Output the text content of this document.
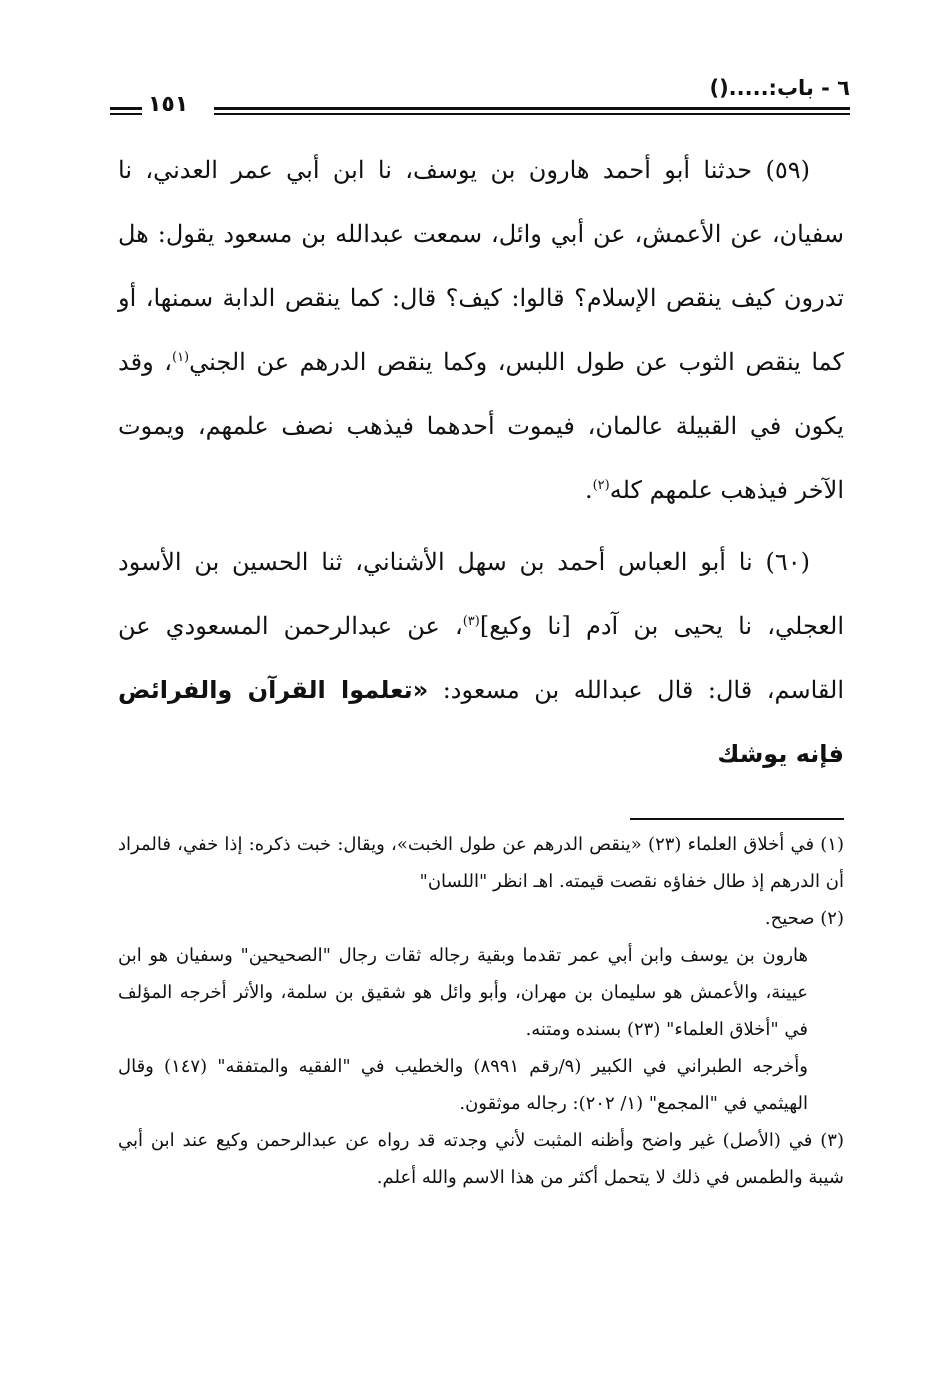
٦ - باب:.....()
١٥١

(٥٩) حدثنا أبو أحمد هارون بن يوسف، نا ابن أبي عمر العدني، نا سفيان، عن الأعمش، عن أبي وائل، سمعت عبدالله بن مسعود يقول: هل تدرون كيف ينقص الإسلام؟ قالوا: كيف؟ قال: كما ينقص الدابة سمنها، أو كما ينقص الثوب عن طول اللبس، وكما ينقص الدرهم عن الجني$^{(١)}$، وقد يكون في القبيلة عالمان، فيموت أحدهما فيذهب نصف علمهم، ويموت الآخر فيذهب علمهم كله$^{(٢)}$.

(٦٠) نا أبو العباس أحمد بن سهل الأشناني، ثنا الحسين بن الأسود العجلي، نا يحيى بن آدم [نا وكيع]$^{(٣)}$، عن عبدالرحمن المسعودي عن القاسم، قال: قال عبدالله بن مسعود: «تعلموا القرآن والفرائض فإنه يوشك

(١) في أخلاق العلماء (٢٣) «ينقص الدرهم عن طول الخبت»، ويقال: خبت ذكره: إذا خفي، فالمراد أن الدرهم إذ طال خفاؤه نقصت قيمته. اهـ انظر "اللسان"

(٢) صحيح.

هارون بن يوسف وابن أبي عمر تقدما وبقية رجاله ثقات رجال "الصحيحين" وسفيان هو ابن عيينة، والأعمش هو سليمان بن مهران، وأبو وائل هو شقيق بن سلمة، والأثر أخرجه المؤلف في "أخلاق العلماء" (٢٣) بسنده ومتنه.

وأخرجه الطبراني في الكبير (٩/رقم ٨٩٩١) والخطيب في "الفقيه والمتفقه" (١٤٧) وقال الهيثمي في "المجمع" (١/ ٢٠٢): رجاله موثقون.

(٣) في (الأصل) غير واضح وأظنه المثبت لأني وجدته قد رواه عن عبدالرحمن وكيع عند ابن أبي شيبة والطمس في ذلك لا يتحمل أكثر من هذا الاسم والله أعلم.
